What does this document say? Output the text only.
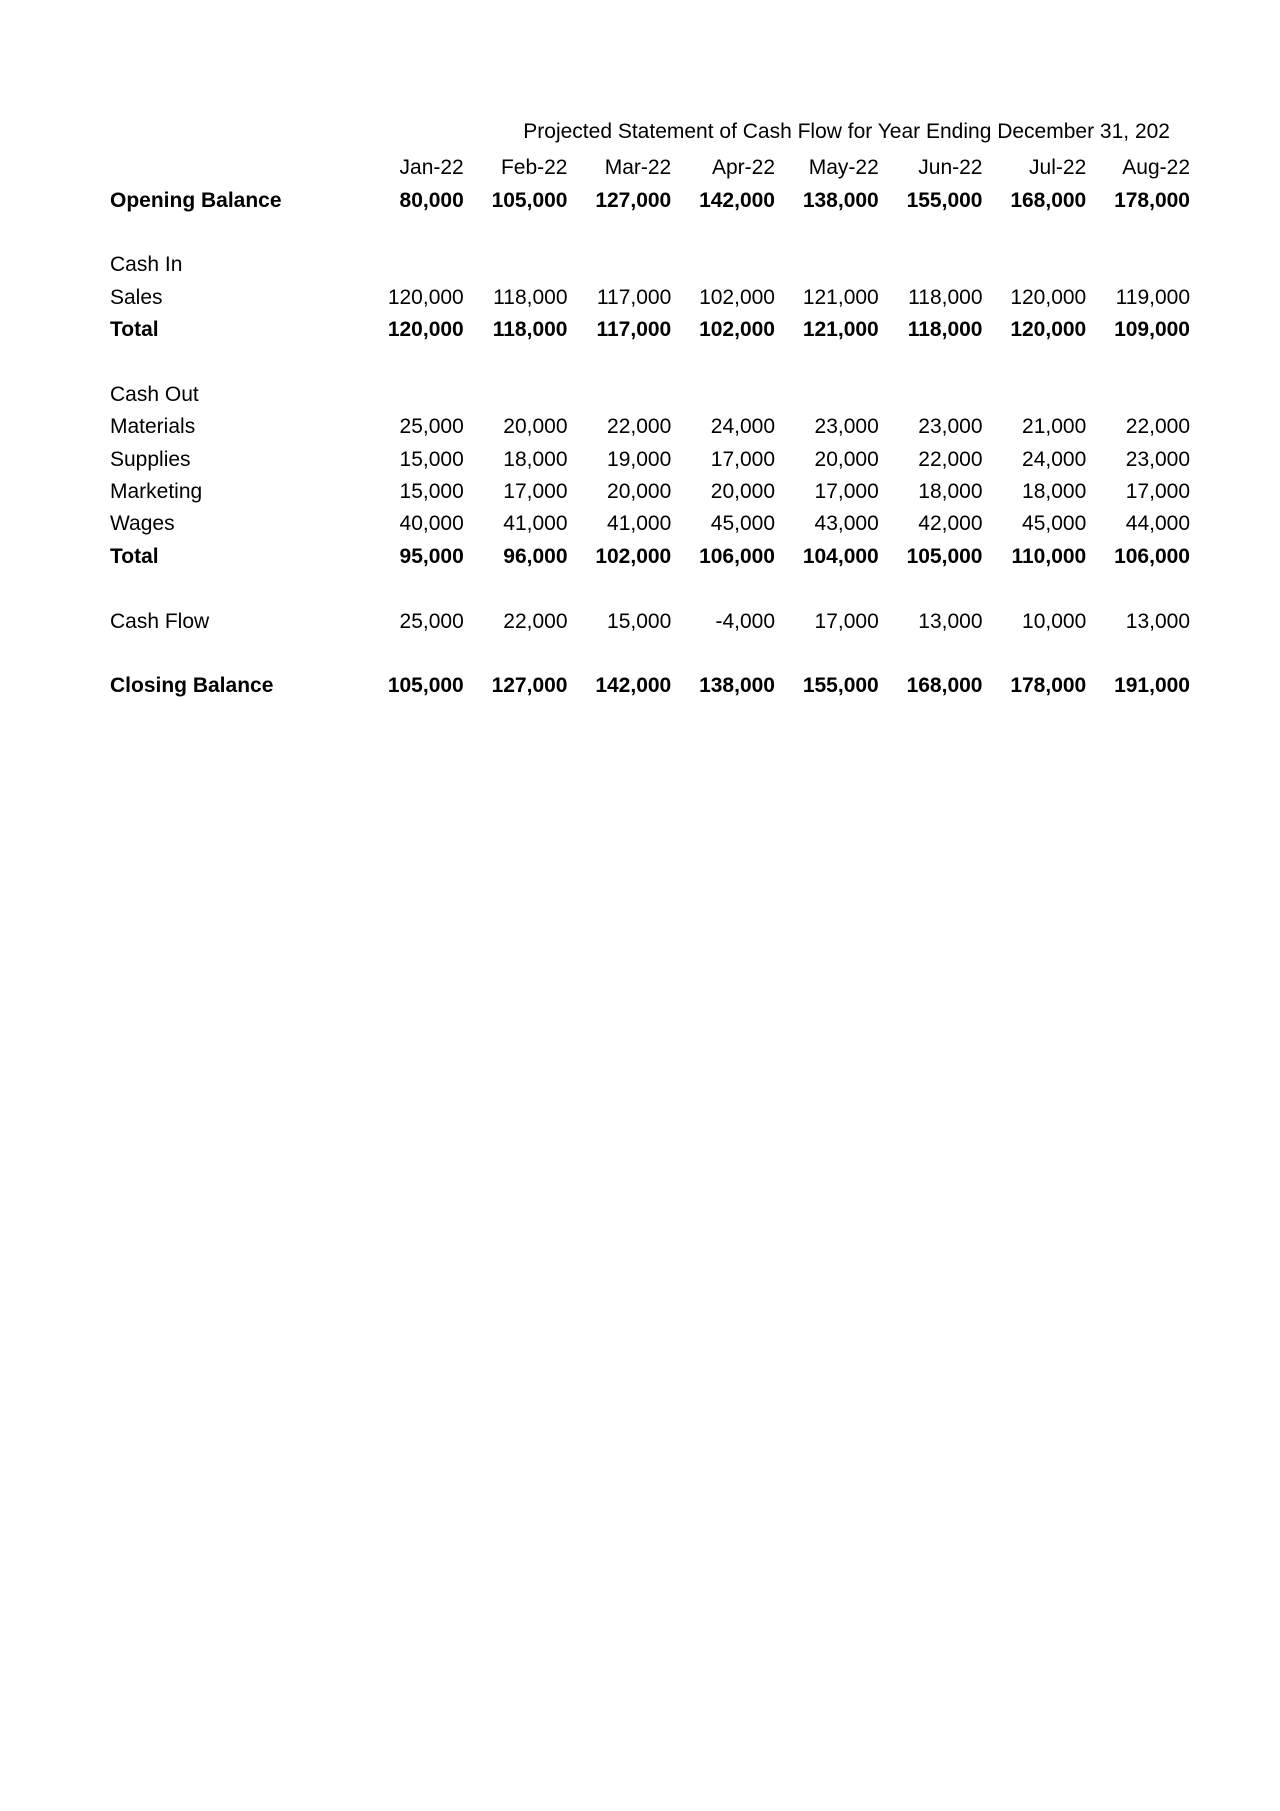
Projected Statement of Cash Flow for Year Ending December 31, 202
	Jan-22	Feb-22	Mar-22	Apr-22	May-22	Jun-22	Jul-22	Aug-22
Opening Balance	80,000	105,000	127,000	142,000	138,000	155,000	168,000	178,000

Cash In								
Sales	120,000	118,000	117,000	102,000	121,000	118,000	120,000	119,000
Total	120,000	118,000	117,000	102,000	121,000	118,000	120,000	109,000

Cash Out								
Materials	25,000	20,000	22,000	24,000	23,000	23,000	21,000	22,000
Supplies	15,000	18,000	19,000	17,000	20,000	22,000	24,000	23,000
Marketing	15,000	17,000	20,000	20,000	17,000	18,000	18,000	17,000
Wages	40,000	41,000	41,000	45,000	43,000	42,000	45,000	44,000
Total	95,000	96,000	102,000	106,000	104,000	105,000	110,000	106,000

Cash Flow	25,000	22,000	15,000	-4,000	17,000	13,000	10,000	13,000

Closing Balance	105,000	127,000	142,000	138,000	155,000	168,000	178,000	191,000
